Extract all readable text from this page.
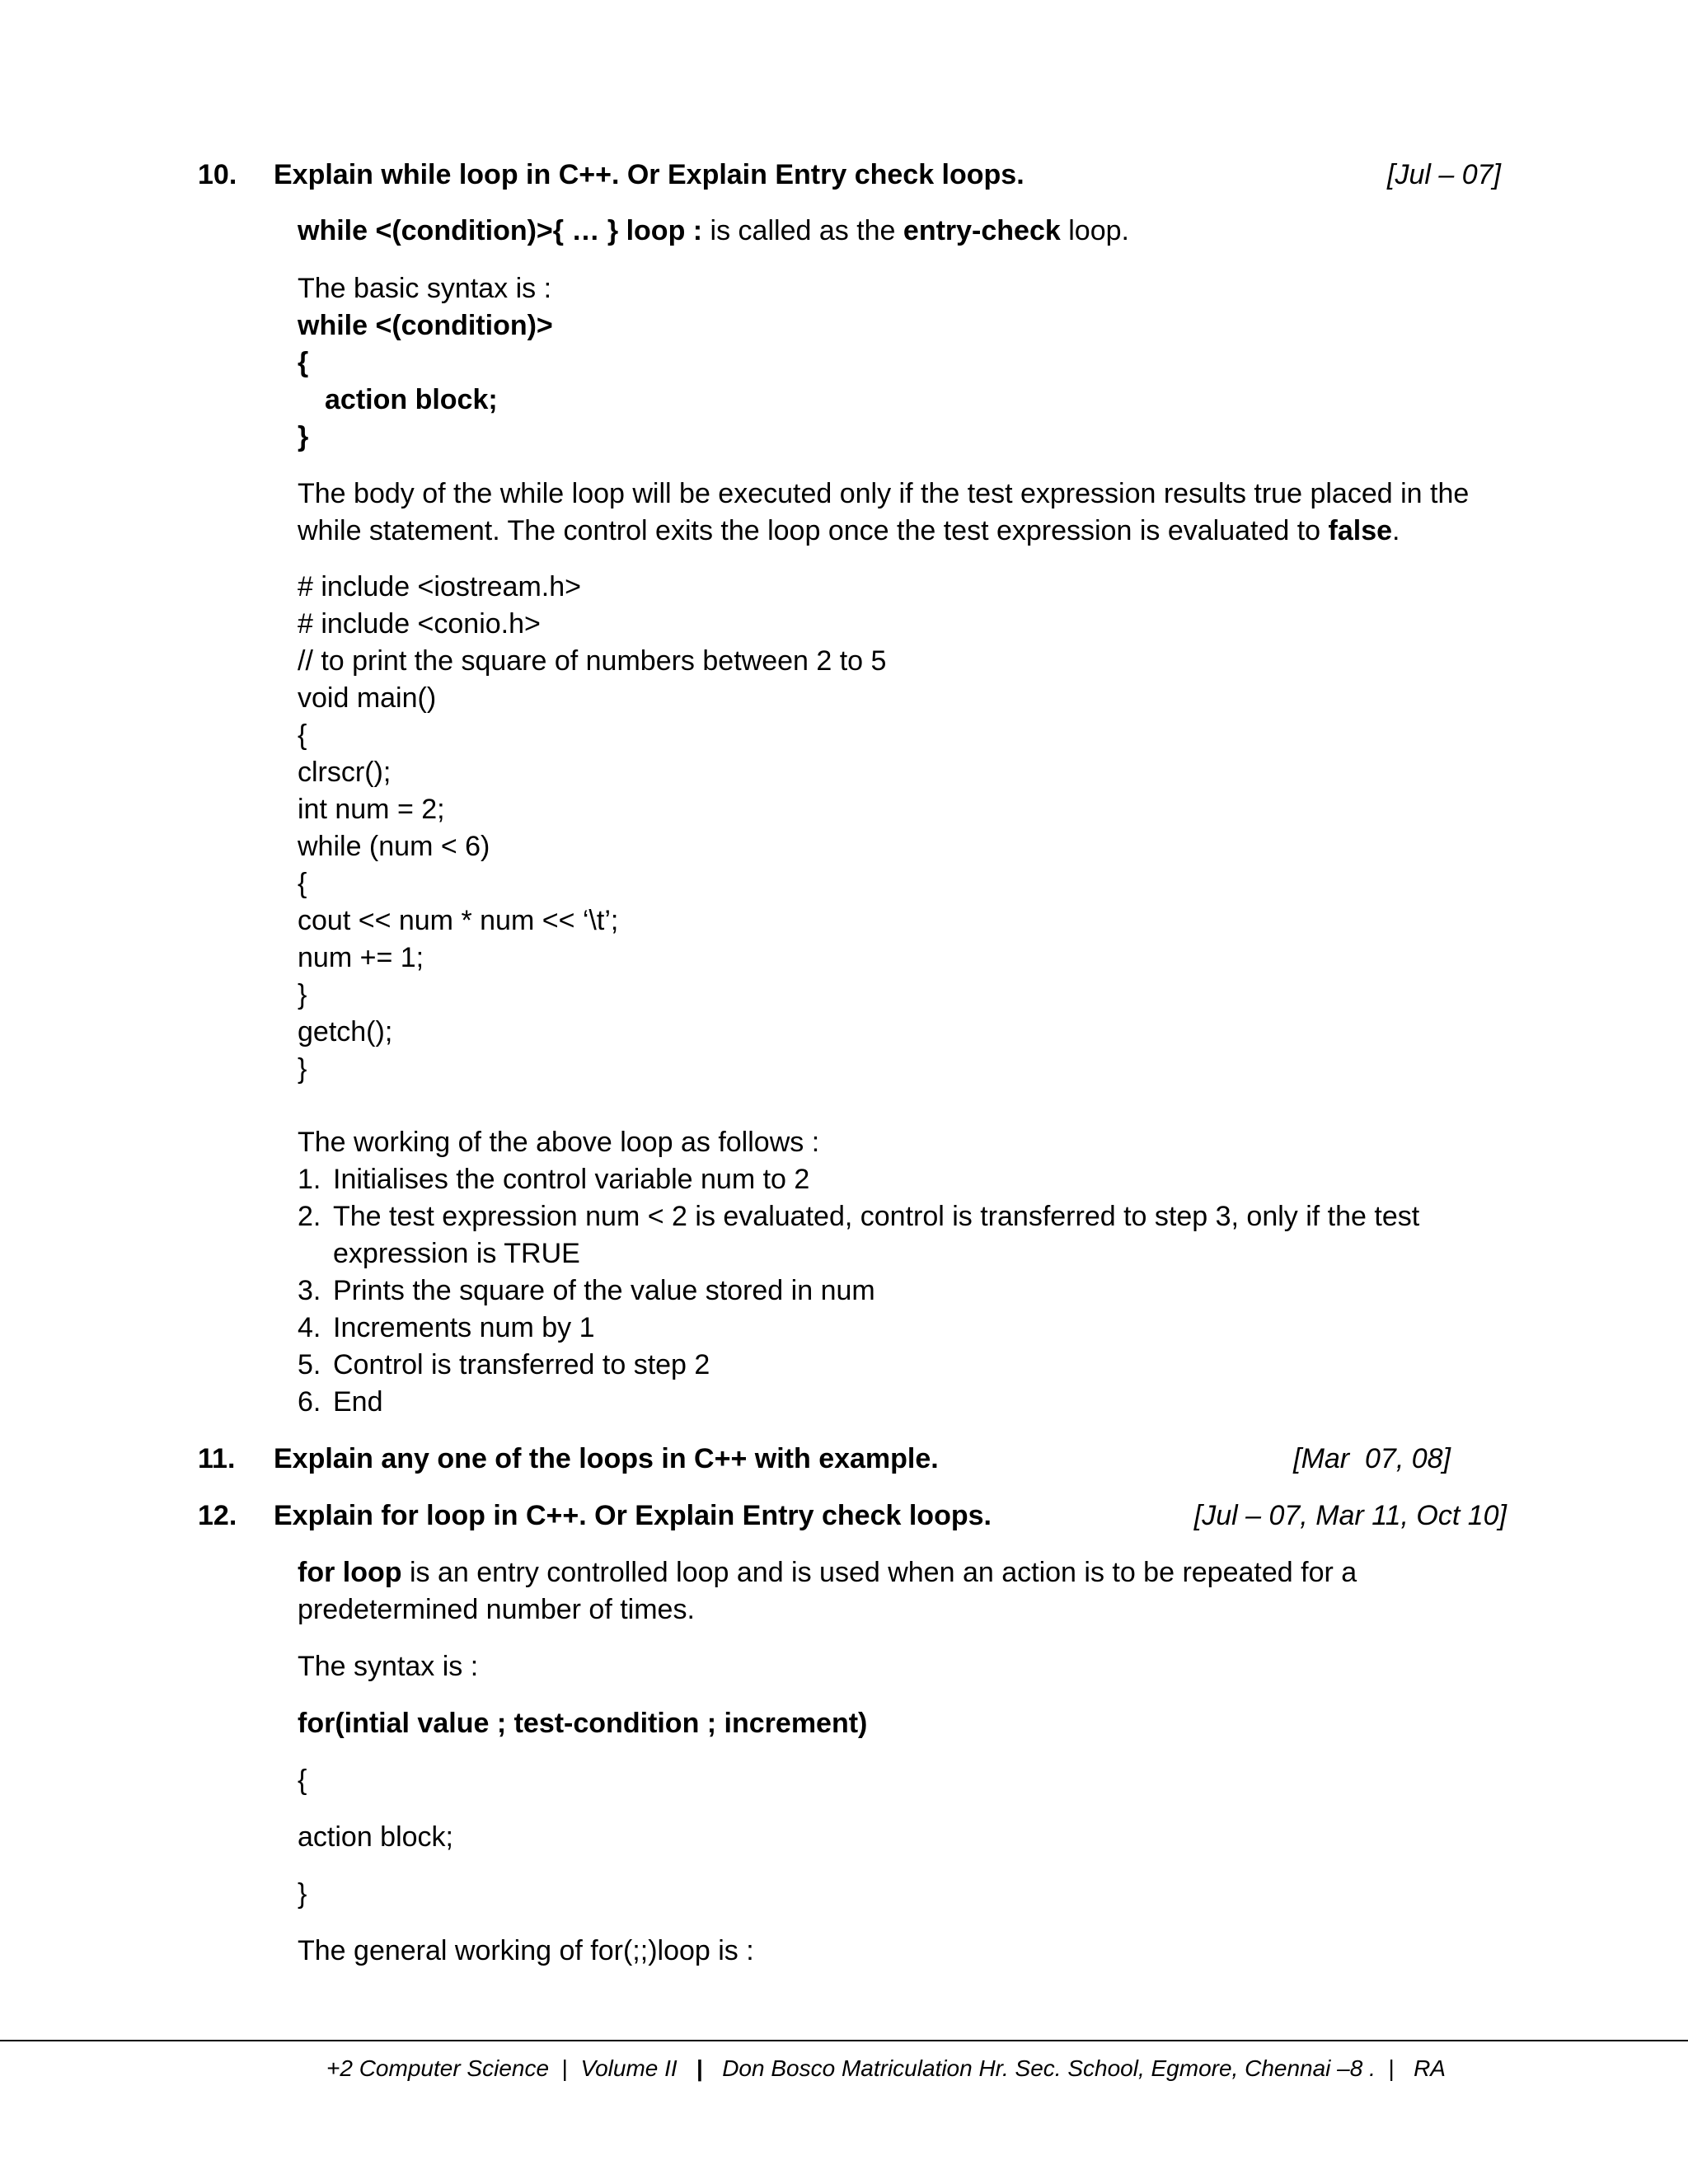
10. Explain while loop in C++. Or Explain Entry check loops.	[Jul – 07]
while <(condition)>{ … } loop : is called as the entry-check loop.
The basic syntax is :
while <(condition)>
{
action block;
}
The body of the while loop will be executed only if the test expression results true placed in the
while statement. The control exits the loop once the test expression is evaluated to false.
# include <iostream.h>
# include <conio.h>
// to print the square of numbers between 2 to 5
void main()
{
clrscr();
int num = 2;
while (num < 6)
{
cout << num * num << ‘\t’;
num += 1;
}
getch();
}
The working of the above loop as follows :
1. Initialises the control variable num to 2
2. The test expression num < 2 is evaluated, control is transferred to step 3, only if the test
expression is TRUE
3. Prints the square of the value stored in num
4. Increments num by 1
5. Control is transferred to step 2
6. End
11. Explain any one of the loops in C++ with example.	[Mar  07, 08]
12. Explain for loop in C++. Or Explain Entry check loops.	[Jul – 07, Mar 11, Oct 10]
for loop is an entry controlled loop and is used when an action is to be repeated for a
predetermined number of times.
The syntax is :
for(intial value ; test-condition ; increment)
{
action block;
}
The general working of for(;;)loop is :
+2 Computer Science  |  Volume II   |   Don Bosco Matriculation Hr. Sec. School, Egmore, Chennai –8 .  |   RA
